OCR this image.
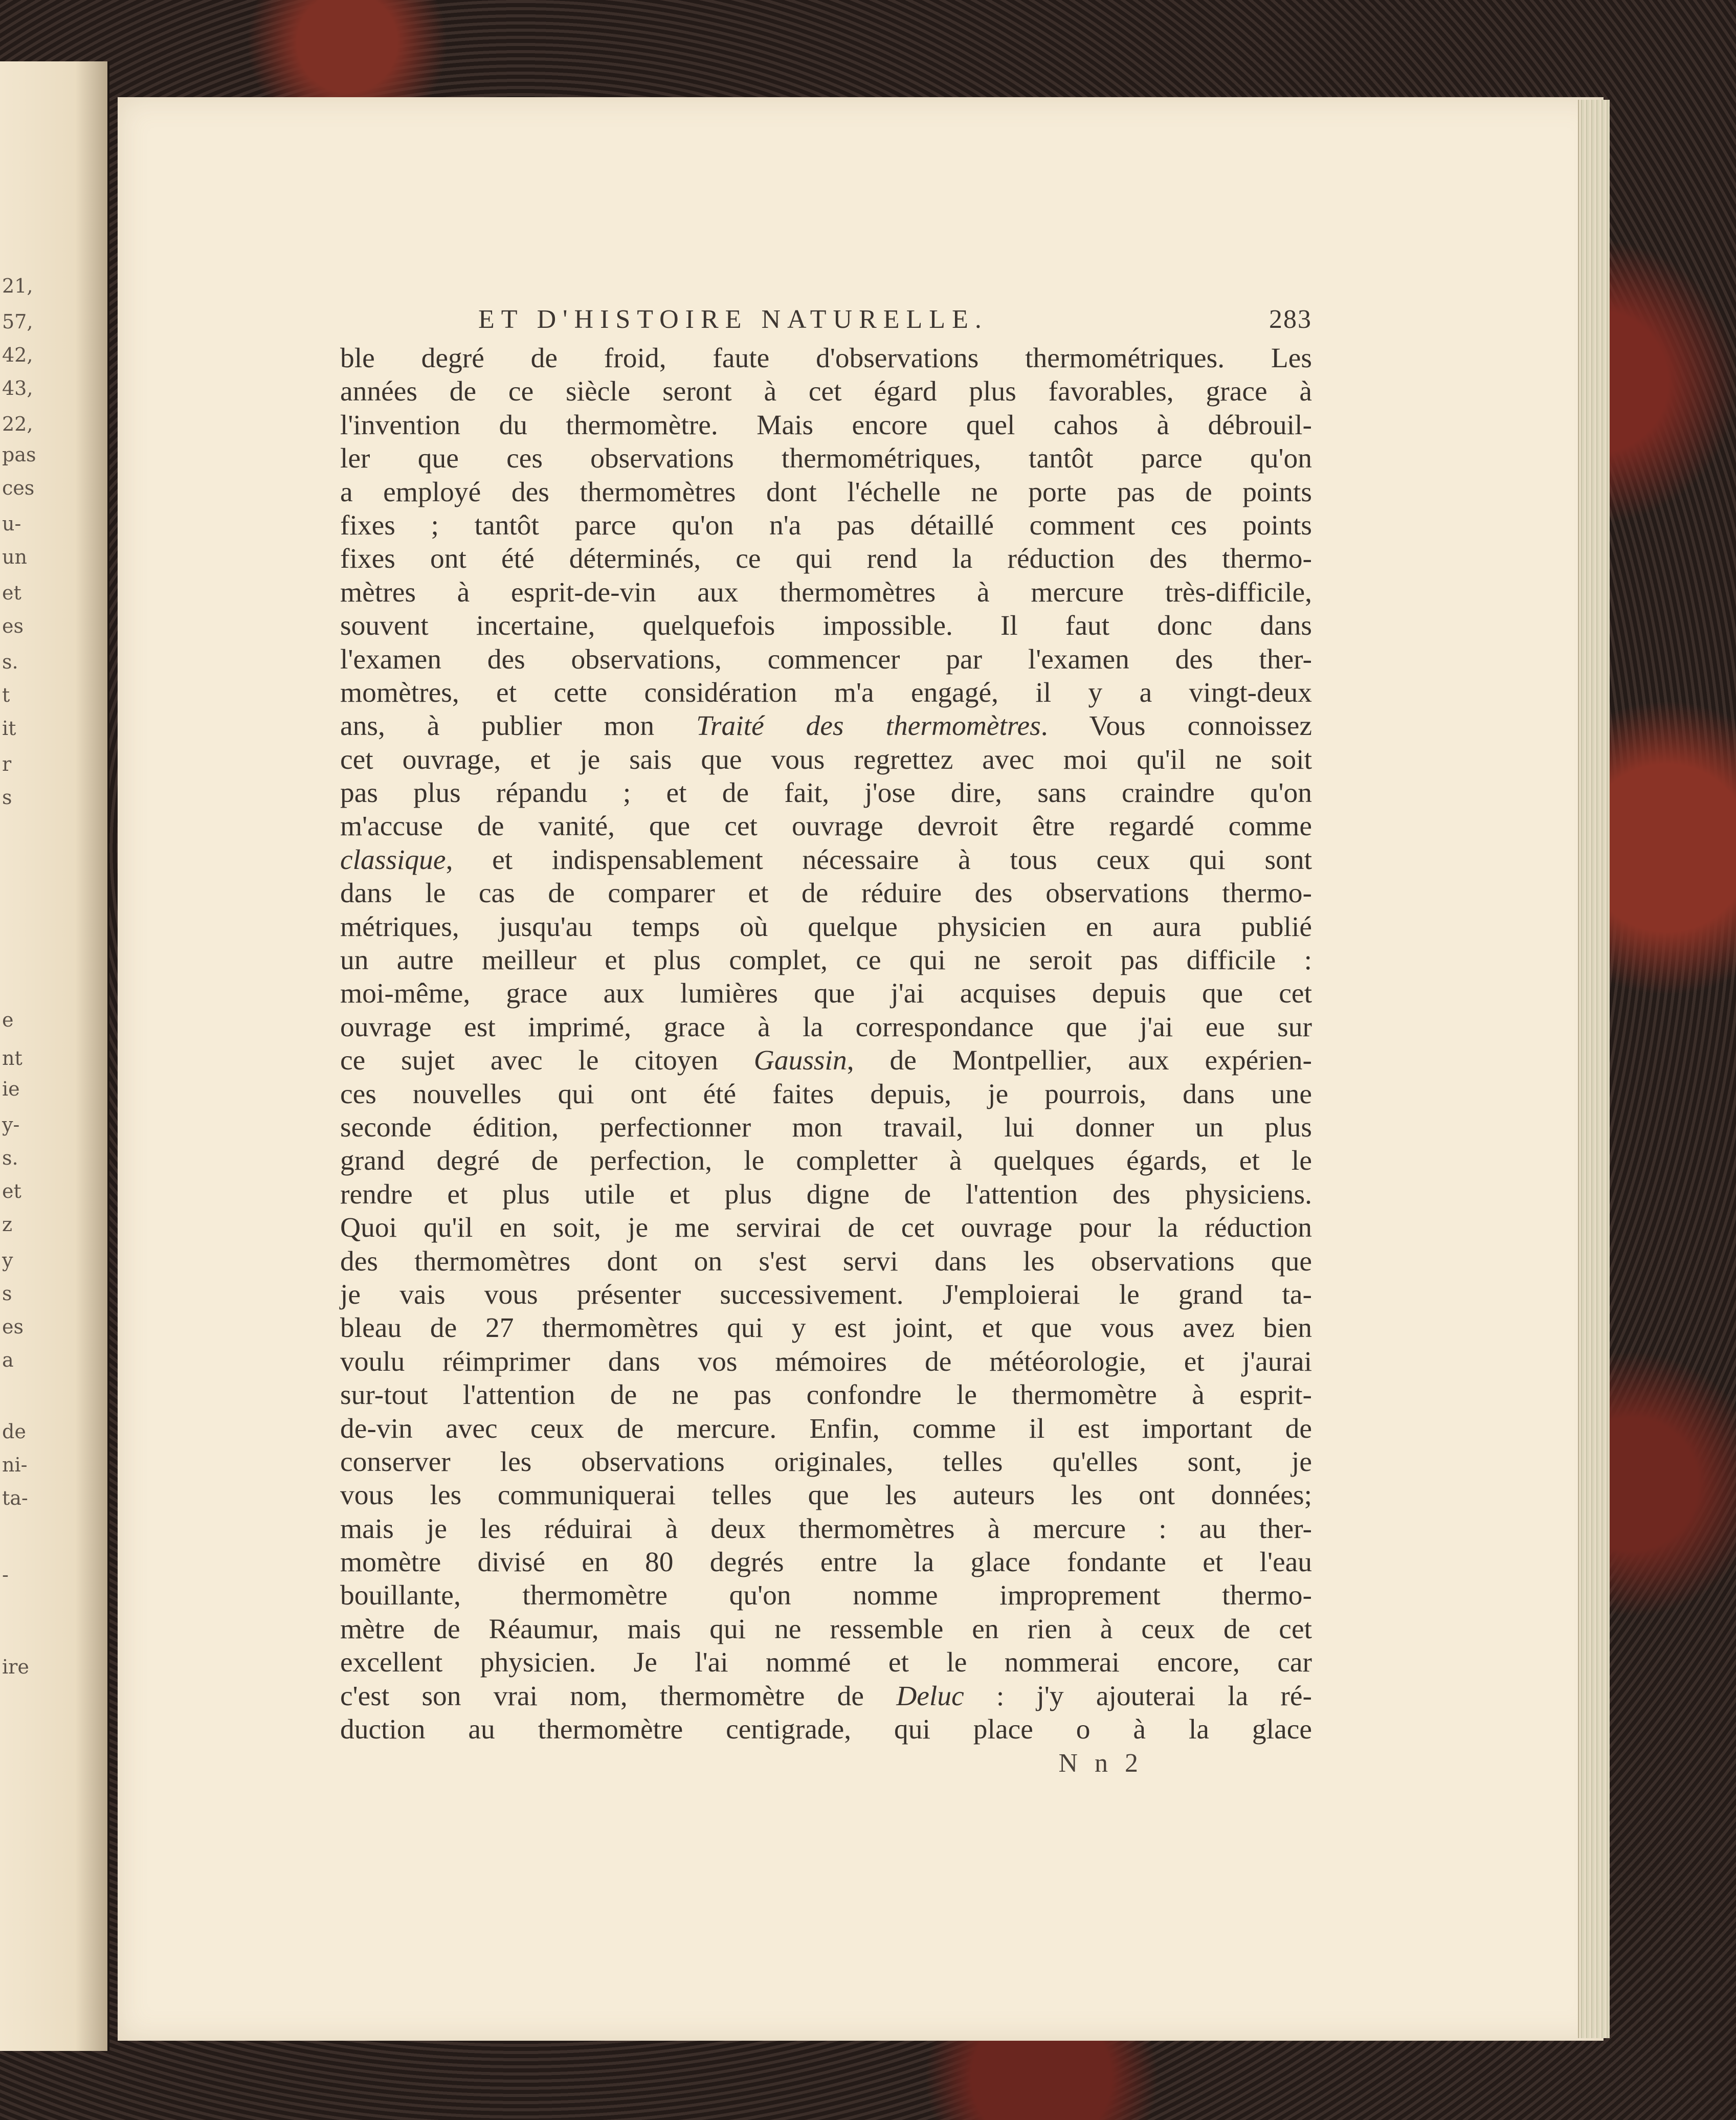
21,
57,
42,
43,
22,
pas
ces
u-
un
et
es
s.
t
it
r
s
e
nt
ie
y-
s.
et
z
y
s
es
a
de
ni-
ta-
-
ire
ET D'HISTOIRE NATURELLE.	283
ble degré de froid, faute d'observations thermométriques. Les
années de ce siècle seront à cet égard plus favorables, grace à
l'invention du thermomètre. Mais encore quel cahos à débrouil-
ler que ces observations thermométriques, tantôt parce qu'on
a employé des thermomètres dont l'échelle ne porte pas de points
fixes ; tantôt parce qu'on n'a pas détaillé comment ces points
fixes ont été déterminés, ce qui rend la réduction des thermo-
mètres à esprit-de-vin aux thermomètres à mercure très-difficile,
souvent incertaine, quelquefois impossible. Il faut donc dans
l'examen des observations, commencer par l'examen des ther-
momètres, et cette considération m'a engagé, il y a vingt-deux
ans, à publier mon Traité des thermomètres. Vous connoissez
cet ouvrage, et je sais que vous regrettez avec moi qu'il ne soit
pas plus répandu ; et de fait, j'ose dire, sans craindre qu'on
m'accuse de vanité, que cet ouvrage devroit être regardé comme
classique, et indispensablement nécessaire à tous ceux qui sont
dans le cas de comparer et de réduire des observations thermo-
métriques, jusqu'au temps où quelque physicien en aura publié
un autre meilleur et plus complet, ce qui ne seroit pas difficile :
moi-même, grace aux lumières que j'ai acquises depuis que cet
ouvrage est imprimé, grace à la correspondance que j'ai eue sur
ce sujet avec le citoyen Gaussin, de Montpellier, aux expérien-
ces nouvelles qui ont été faites depuis, je pourrois, dans une
seconde édition, perfectionner mon travail, lui donner un plus
grand degré de perfection, le completter à quelques égards, et le
rendre et plus utile et plus digne de l'attention des physiciens.
Quoi qu'il en soit, je me servirai de cet ouvrage pour la réduction
des thermomètres dont on s'est servi dans les observations que
je vais vous présenter successivement. J'emploierai le grand ta-
bleau de 27 thermomètres qui y est joint, et que vous avez bien
voulu réimprimer dans vos mémoires de météorologie, et j'aurai
sur-tout l'attention de ne pas confondre le thermomètre à esprit-
de-vin avec ceux de mercure. Enfin, comme il est important de
conserver les observations originales, telles qu'elles sont, je
vous les communiquerai telles que les auteurs les ont données;
mais je les réduirai à deux thermomètres à mercure : au ther-
momètre divisé en 80 degrés entre la glace fondante et l'eau
bouillante, thermomètre qu'on nomme improprement thermo-
mètre de Réaumur, mais qui ne ressemble en rien à ceux de cet
excellent physicien. Je l'ai nommé et le nommerai encore, car
c'est son vrai nom, thermomètre de Deluc : j'y ajouterai la ré-
duction au thermomètre centigrade, qui place o à la glace
N n 2
